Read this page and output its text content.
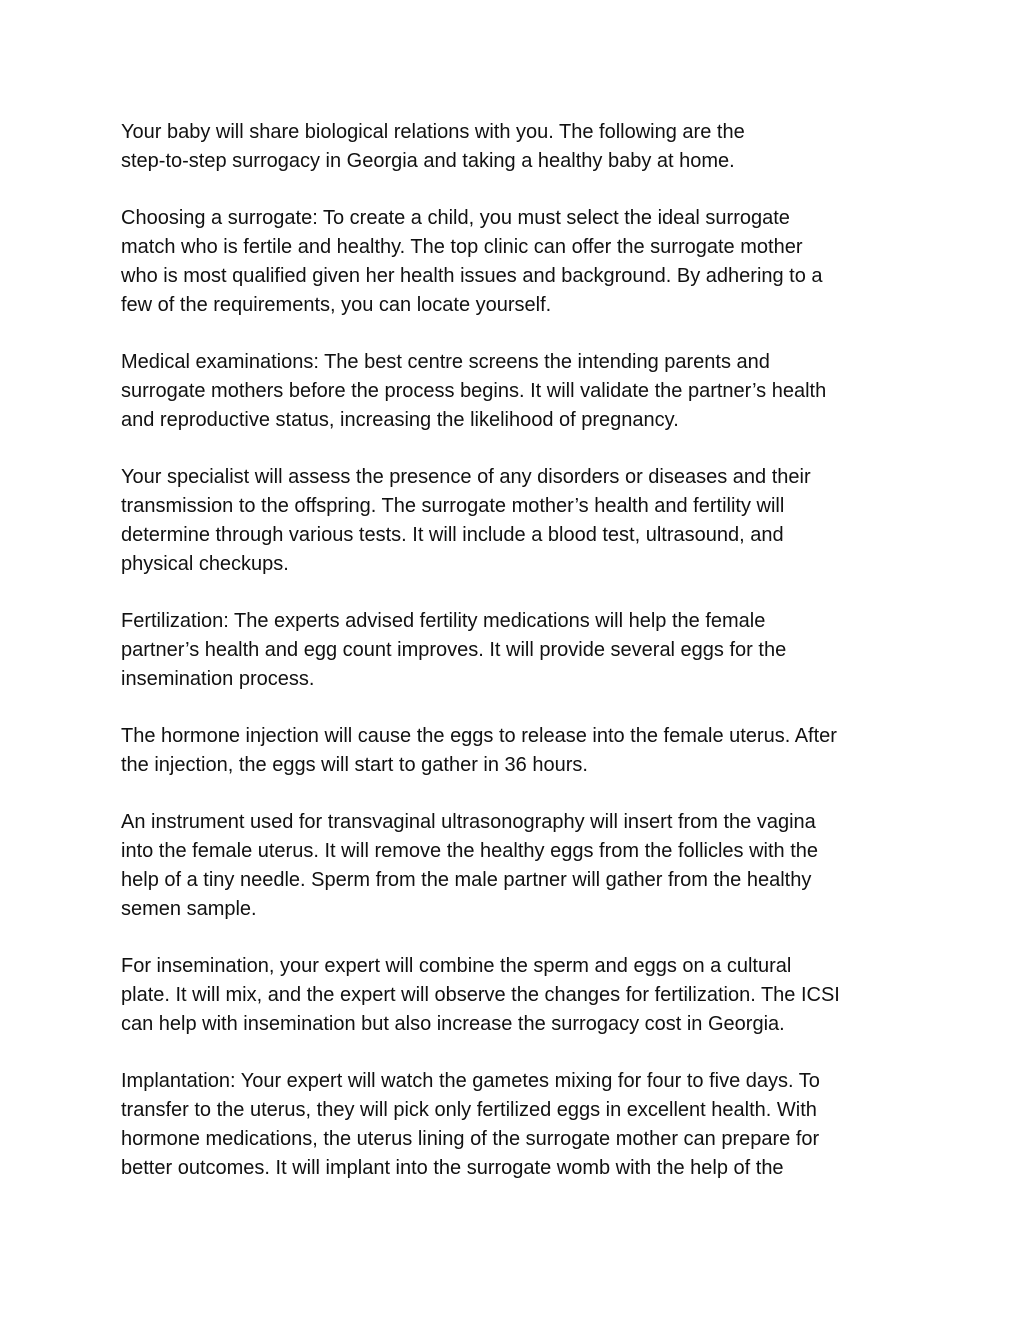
Your baby will share biological relations with you. The following are the
step-to-step surrogacy in Georgia and taking a healthy baby at home.

Choosing a surrogate: To create a child, you must select the ideal surrogate
match who is fertile and healthy. The top clinic can offer the surrogate mother
who is most qualified given her health issues and background. By adhering to a
few of the requirements, you can locate yourself.

Medical examinations: The best centre screens the intending parents and
surrogate mothers before the process begins. It will validate the partner’s health
and reproductive status, increasing the likelihood of pregnancy.

Your specialist will assess the presence of any disorders or diseases and their
transmission to the offspring. The surrogate mother’s health and fertility will
determine through various tests. It will include a blood test, ultrasound, and
physical checkups.

Fertilization: The experts advised fertility medications will help the female
partner’s health and egg count improves. It will provide several eggs for the
insemination process.

The hormone injection will cause the eggs to release into the female uterus. After
the injection, the eggs will start to gather in 36 hours.

An instrument used for transvaginal ultrasonography will insert from the vagina
into the female uterus. It will remove the healthy eggs from the follicles with the
help of a tiny needle. Sperm from the male partner will gather from the healthy
semen sample.

For insemination, your expert will combine the sperm and eggs on a cultural
plate. It will mix, and the expert will observe the changes for fertilization. The ICSI
can help with insemination but also increase the surrogacy cost in Georgia.

Implantation: Your expert will watch the gametes mixing for four to five days. To
transfer to the uterus, they will pick only fertilized eggs in excellent health. With
hormone medications, the uterus lining of the surrogate mother can prepare for
better outcomes. It will implant into the surrogate womb with the help of the
